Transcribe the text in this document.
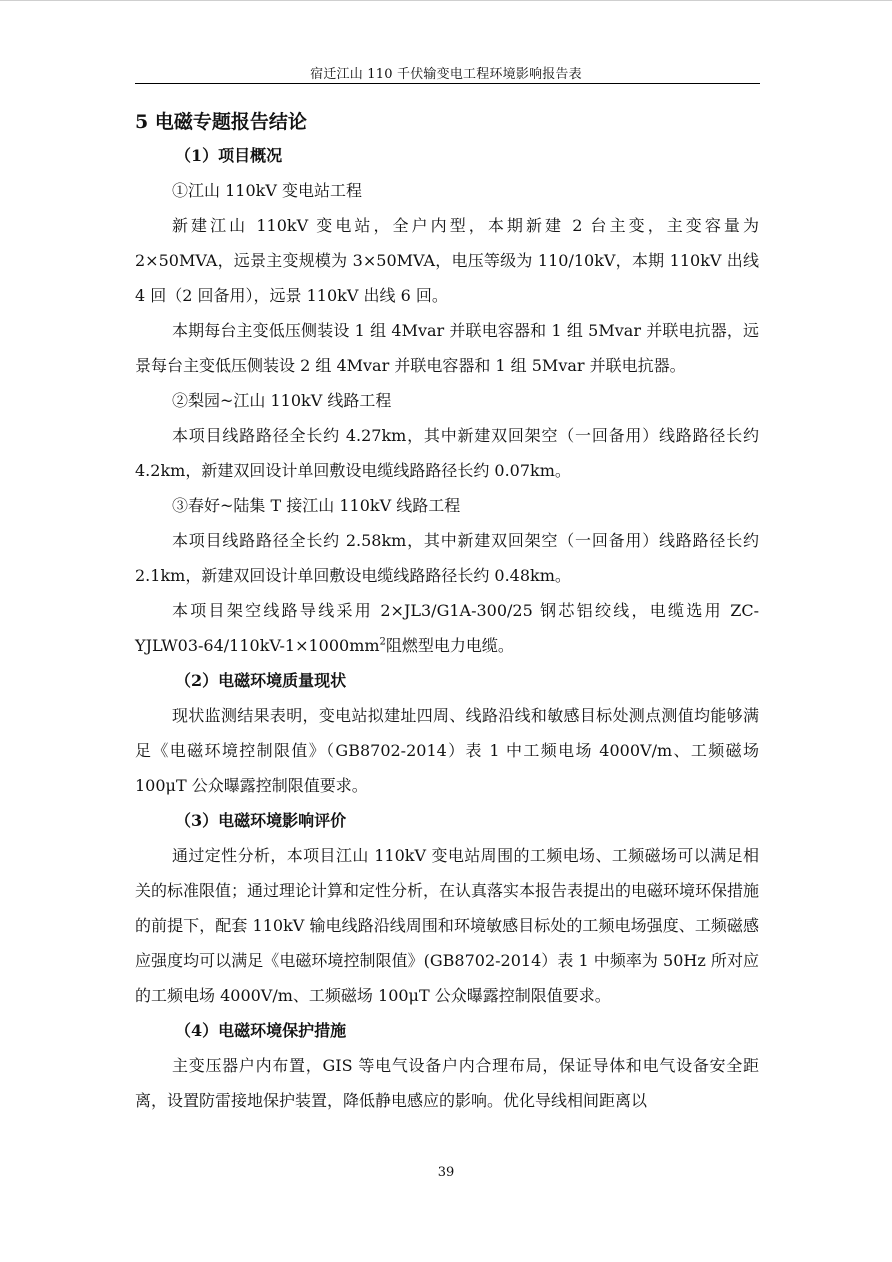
宿迁江山 110 千伏输变电工程环境影响报告表

5 电磁专题报告结论

（1）项目概况

①江山 110kV 变电站工程

新建江山 110kV 变电站，全户内型，本期新建 2 台主变，主变容量为 2×50MVA，远景主变规模为 3×50MVA，电压等级为 110/10kV，本期 110kV 出线 4 回（2 回备用），远景 110kV 出线 6 回。

本期每台主变低压侧装设 1 组 4Mvar 并联电容器和 1 组 5Mvar 并联电抗器，远景每台主变低压侧装设 2 组 4Mvar 并联电容器和 1 组 5Mvar 并联电抗器。

②梨园~江山 110kV 线路工程

本项目线路路径全长约 4.27km，其中新建双回架空（一回备用）线路路径长约 4.2km，新建双回设计单回敷设电缆线路路径长约 0.07km。

③春好~陆集 T 接江山 110kV 线路工程

本项目线路路径全长约 2.58km，其中新建双回架空（一回备用）线路路径长约 2.1km，新建双回设计单回敷设电缆线路路径长约 0.48km。

本项目架空线路导线采用 2×JL3/G1A-300/25 钢芯铝绞线，电缆选用 $ZC-YJLW03-64/110kV-1\times 1000mm^2$阻燃型电力电缆。

（2）电磁环境质量现状

现状监测结果表明，变电站拟建址四周、线路沿线和敏感目标处测点测值均能够满足《电磁环境控制限值》（GB8702-2014）表 1 中工频电场 4000V/m、工频磁场 100μT 公众曝露控制限值要求。

（3）电磁环境影响评价

通过定性分析，本项目江山 110kV 变电站周围的工频电场、工频磁场可以满足相关的标准限值；通过理论计算和定性分析，在认真落实本报告表提出的电磁环境环保措施的前提下，配套 110kV 输电线路沿线周围和环境敏感目标处的工频电场强度、工频磁感应强度均可以满足《电磁环境控制限值》(GB8702-2014）表 1 中频率为 50Hz 所对应的工频电场 4000V/m、工频磁场 100μT 公众曝露控制限值要求。

（4）电磁环境保护措施

主变压器户内布置，GIS 等电气设备户内合理布局，保证导体和电气设备安全距离，设置防雷接地保护装置，降低静电感应的影响。优化导线相间距离以

39
